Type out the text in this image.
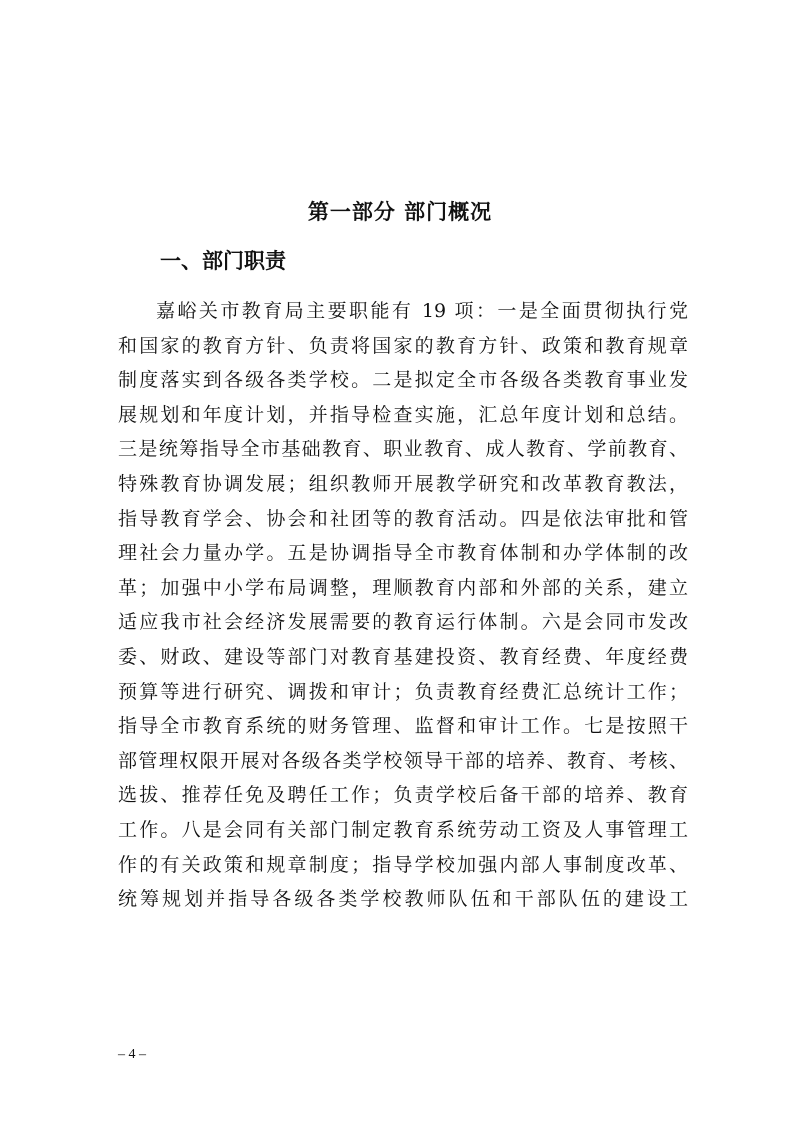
第一部分 部门概况
一、部门职责
嘉峪关市教育局主要职能有 19 项：一是全面贯彻执行党
和国家的教育方针、负责将国家的教育方针、政策和教育规章
制度落实到各级各类学校。二是拟定全市各级各类教育事业发
展规划和年度计划，并指导检查实施，汇总年度计划和总结。
三是统筹指导全市基础教育、职业教育、成人教育、学前教育、
特殊教育协调发展；组织教师开展教学研究和改革教育教法，
指导教育学会、协会和社团等的教育活动。四是依法审批和管
理社会力量办学。五是协调指导全市教育体制和办学体制的改
革；加强中小学布局调整，理顺教育内部和外部的关系，建立
适应我市社会经济发展需要的教育运行体制。六是会同市发改
委、财政、建设等部门对教育基建投资、教育经费、年度经费
预算等进行研究、调拨和审计；负责教育经费汇总统计工作；
指导全市教育系统的财务管理、监督和审计工作。七是按照干
部管理权限开展对各级各类学校领导干部的培养、教育、考核、
选拔、推荐任免及聘任工作；负责学校后备干部的培养、教育
工作。八是会同有关部门制定教育系统劳动工资及人事管理工
作的有关政策和规章制度；指导学校加强内部人事制度改革、
统筹规划并指导各级各类学校教师队伍和干部队伍的建设工
– 4 –
